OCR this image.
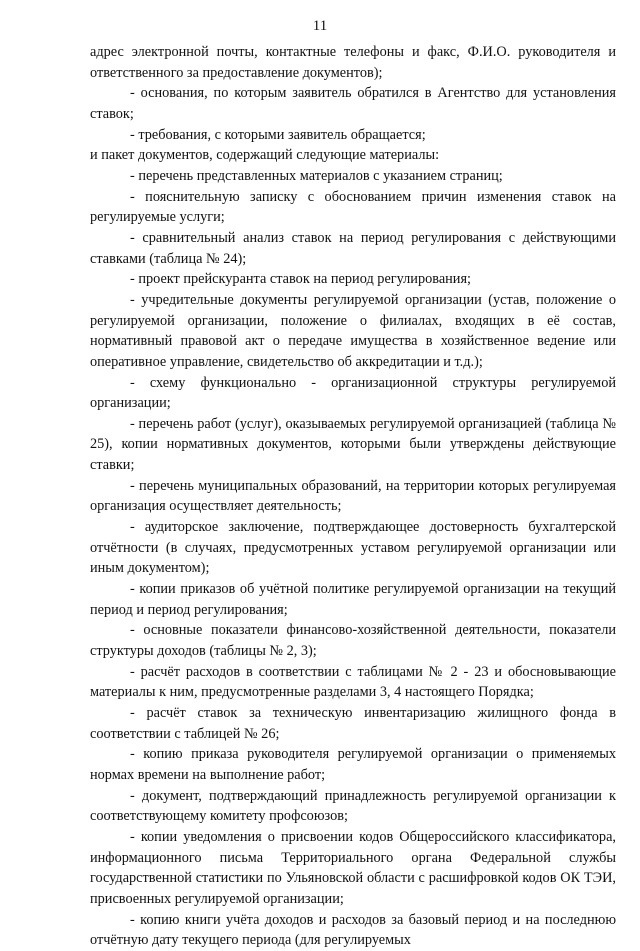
11

адрес электронной почты, контактные телефоны и факс, Ф.И.О. руководителя и ответственного за предоставление документов);

- основания, по которым заявитель обратился в Агентство для установления ставок;

- требования, с которыми заявитель обращается;

и пакет документов, содержащий следующие материалы:

- перечень представленных материалов с указанием страниц;

- пояснительную записку с обоснованием причин изменения ставок на регулируемые услуги;

- сравнительный анализ ставок на период регулирования с действующими ставками (таблица № 24);

- проект прейскуранта ставок на период регулирования;

- учредительные документы регулируемой организации (устав, положение о регулируемой организации, положение о филиалах, входящих в её состав, нормативный правовой акт о передаче имущества в хозяйственное ведение или оперативное управление, свидетельство об аккредитации и т.д.);

- схему функционально - организационной структуры регулируемой организации;

- перечень работ (услуг), оказываемых регулируемой организацией (таблица № 25), копии нормативных документов, которыми были утверждены действующие ставки;

- перечень муниципальных образований, на территории которых регулируемая организация осуществляет деятельность;

- аудиторское заключение, подтверждающее достоверность бухгалтерской отчётности (в случаях, предусмотренных уставом регулируемой организации или иным документом);

- копии приказов об учётной политике регулируемой организации на текущий период и период регулирования;

- основные показатели финансово-хозяйственной деятельности, показатели структуры доходов (таблицы № 2, 3);

- расчёт расходов в соответствии с таблицами № 2 - 23 и обосновывающие материалы к ним, предусмотренные разделами 3, 4 настоящего Порядка;

- расчёт ставок за техническую инвентаризацию жилищного фонда в соответствии с таблицей № 26;

- копию приказа руководителя регулируемой организации о применяемых нормах времени на выполнение работ;

- документ, подтверждающий принадлежность регулируемой организации к соответствующему комитету профсоюзов;

- копии уведомления о присвоении кодов Общероссийского классификатора, информационного письма Территориального органа Федеральной службы государственной статистики по Ульяновской области с расшифровкой кодов ОК ТЭИ, присвоенных регулируемой организации;

- копию книги учёта доходов и расходов за базовый период и на последнюю отчётную дату текущего периода (для регулируемых
